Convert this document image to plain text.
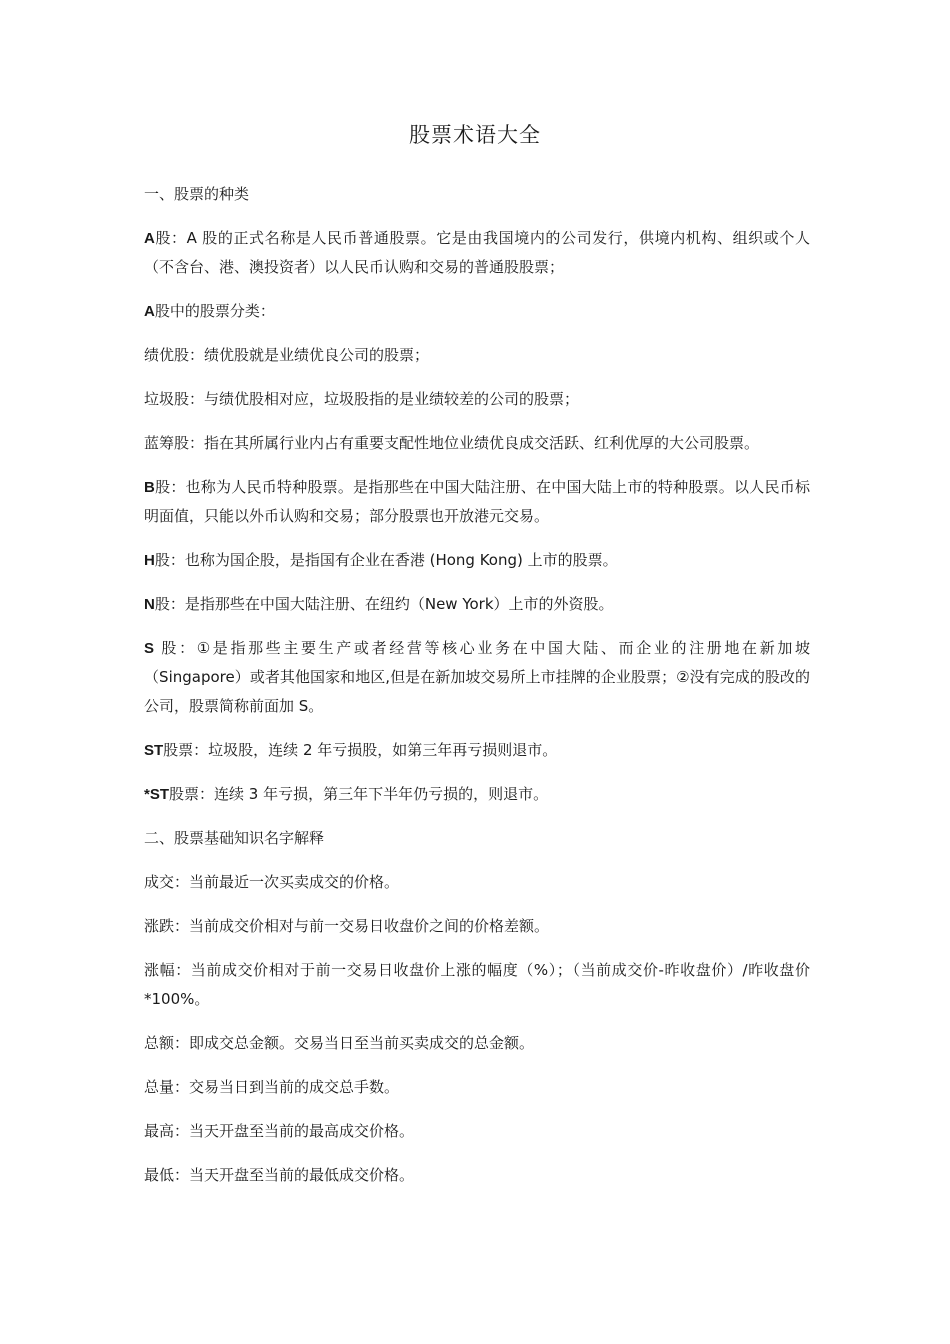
股票术语大全

一、股票的种类

A股：A 股的正式名称是人民币普通股票。它是由我国境内的公司发行，供境内机构、组织或个人（不含台、港、澳投资者）以人民币认购和交易的普通股股票；

A股中的股票分类：

绩优股：绩优股就是业绩优良公司的股票；

垃圾股：与绩优股相对应，垃圾股指的是业绩较差的公司的股票；

蓝筹股：指在其所属行业内占有重要支配性地位业绩优良成交活跃、红利优厚的大公司股票。

B股：也称为人民币特种股票。是指那些在中国大陆注册、在中国大陆上市的特种股票。以人民币标明面值，只能以外币认购和交易；部分股票也开放港元交易。

H股：也称为国企股，是指国有企业在香港 (Hong Kong) 上市的股票。

N股：是指那些在中国大陆注册、在纽约（New York）上市的外资股。

S 股：①是指那些主要生产或者经营等核心业务在中国大陆、而企业的注册地在新加坡（Singapore）或者其他国家和地区,但是在新加坡交易所上市挂牌的企业股票；②没有完成的股改的公司，股票简称前面加 S。

ST股票：垃圾股，连续 2 年亏损股，如第三年再亏损则退市。

*ST股票：连续 3 年亏损，第三年下半年仍亏损的，则退市。

二、股票基础知识名字解释

成交：当前最近一次买卖成交的价格。

涨跌：当前成交价相对与前一交易日收盘价之间的价格差额。

涨幅：当前成交价相对于前一交易日收盘价上涨的幅度（%）；（当前成交价-昨收盘价）/昨收盘价*100%。

总额：即成交总金额。交易当日至当前买卖成交的总金额。

总量：交易当日到当前的成交总手数。

最高：当天开盘至当前的最高成交价格。

最低：当天开盘至当前的最低成交价格。
